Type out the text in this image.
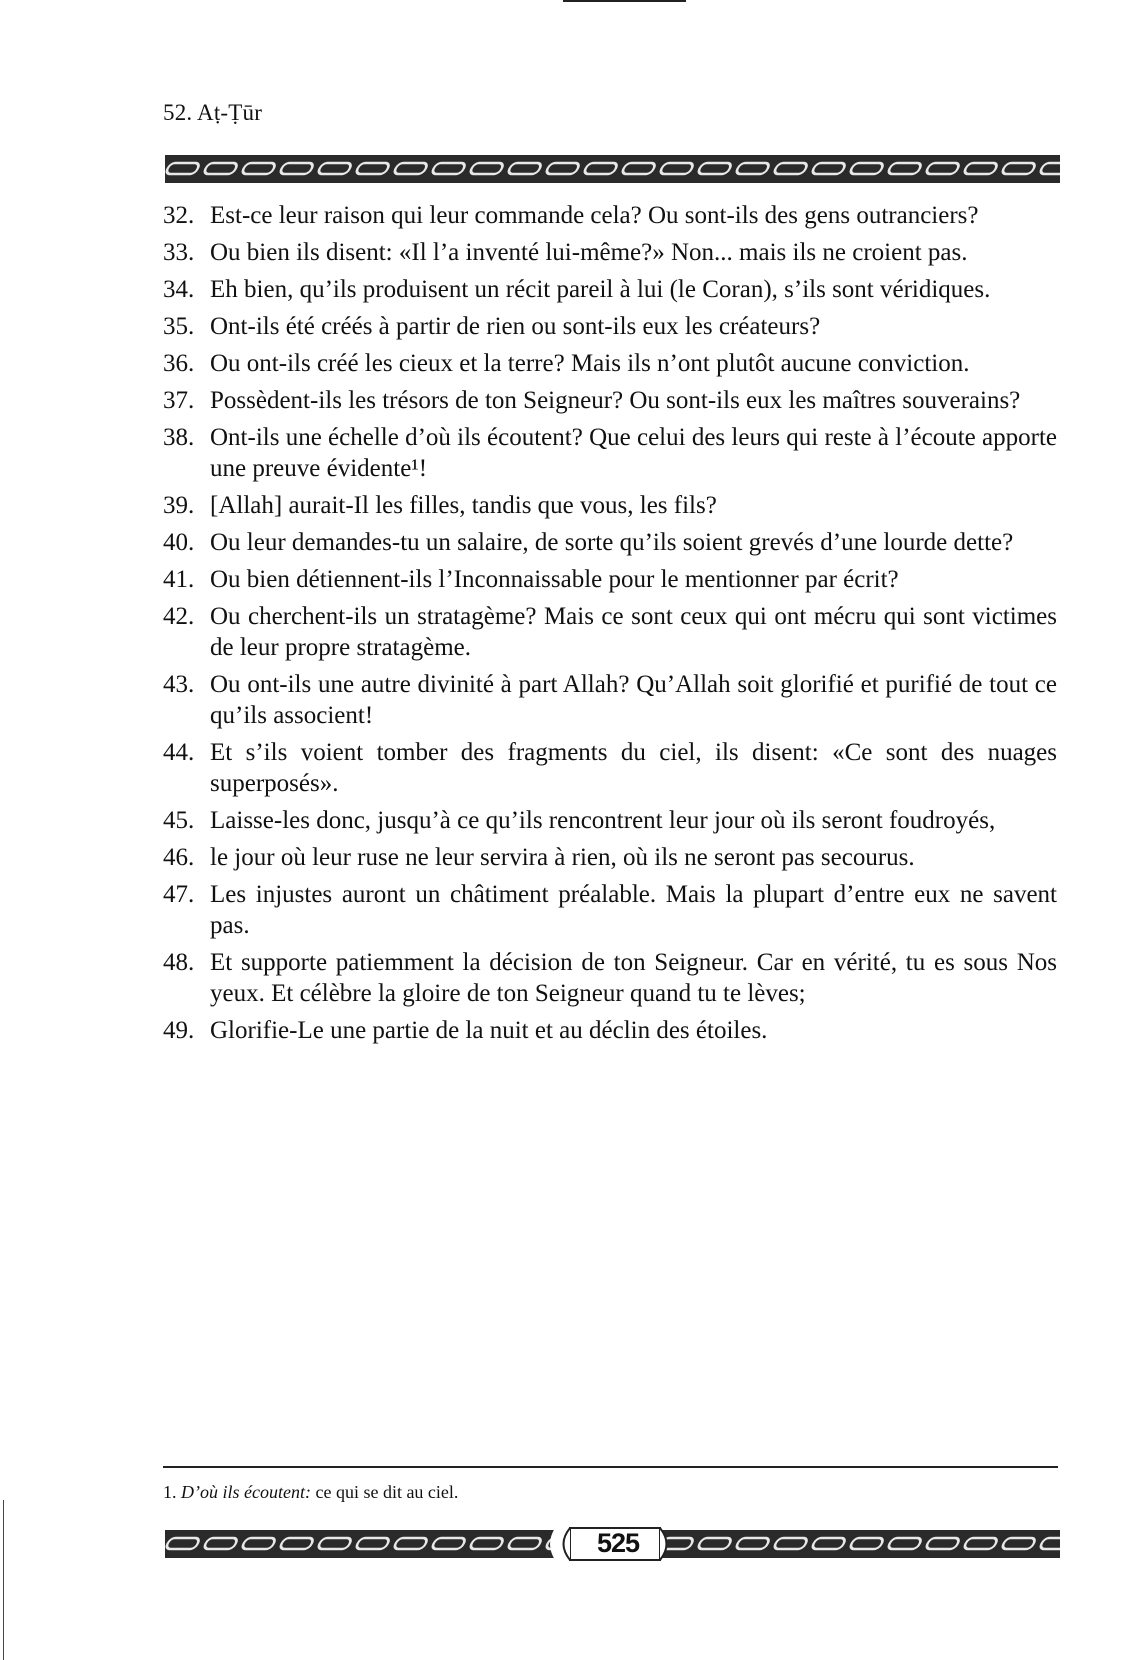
52. Aṭ-Ṭūr
32. Est-ce leur raison qui leur commande cela? Ou sont-ils des gens outranciers?
33. Ou bien ils disent: «Il l’a inventé lui-même?» Non... mais ils ne croient pas.
34. Eh bien, qu’ils produisent un récit pareil à lui (le Coran), s’ils sont véridiques.
35. Ont-ils été créés à partir de rien ou sont-ils eux les créateurs?
36. Ou ont-ils créé les cieux et la terre? Mais ils n’ont plutôt aucune conviction.
37. Possèdent-ils les trésors de ton Seigneur? Ou sont-ils eux les maîtres souverains?
38. Ont-ils une échelle d’où ils écoutent? Que celui des leurs qui reste à l’écoute apporte une preuve évidente¹!
39. [Allah] aurait-Il les filles, tandis que vous, les fils?
40. Ou leur demandes-tu un salaire, de sorte qu’ils soient grevés d’une lourde dette?
41. Ou bien détiennent-ils l’Inconnaissable pour le mentionner par écrit?
42. Ou cherchent-ils un stratagème? Mais ce sont ceux qui ont mécru qui sont victimes de leur propre stratagème.
43. Ou ont-ils une autre divinité à part Allah? Qu’Allah soit glorifié et purifié de tout ce qu’ils associent!
44. Et s’ils voient tomber des fragments du ciel, ils disent: «Ce sont des nuages superposés».
45. Laisse-les donc, jusqu’à ce qu’ils rencontrent leur jour où ils seront foudroyés,
46. le jour où leur ruse ne leur servira à rien, où ils ne seront pas secourus.
47. Les injustes auront un châtiment préalable. Mais la plupart d’entre eux ne savent pas.
48. Et supporte patiemment la décision de ton Seigneur. Car en vérité, tu es sous Nos yeux. Et célèbre la gloire de ton Seigneur quand tu te lèves;
49. Glorifie-Le une partie de la nuit et au déclin des étoiles.
1. D’où ils écoutent: ce qui se dit au ciel.
525
